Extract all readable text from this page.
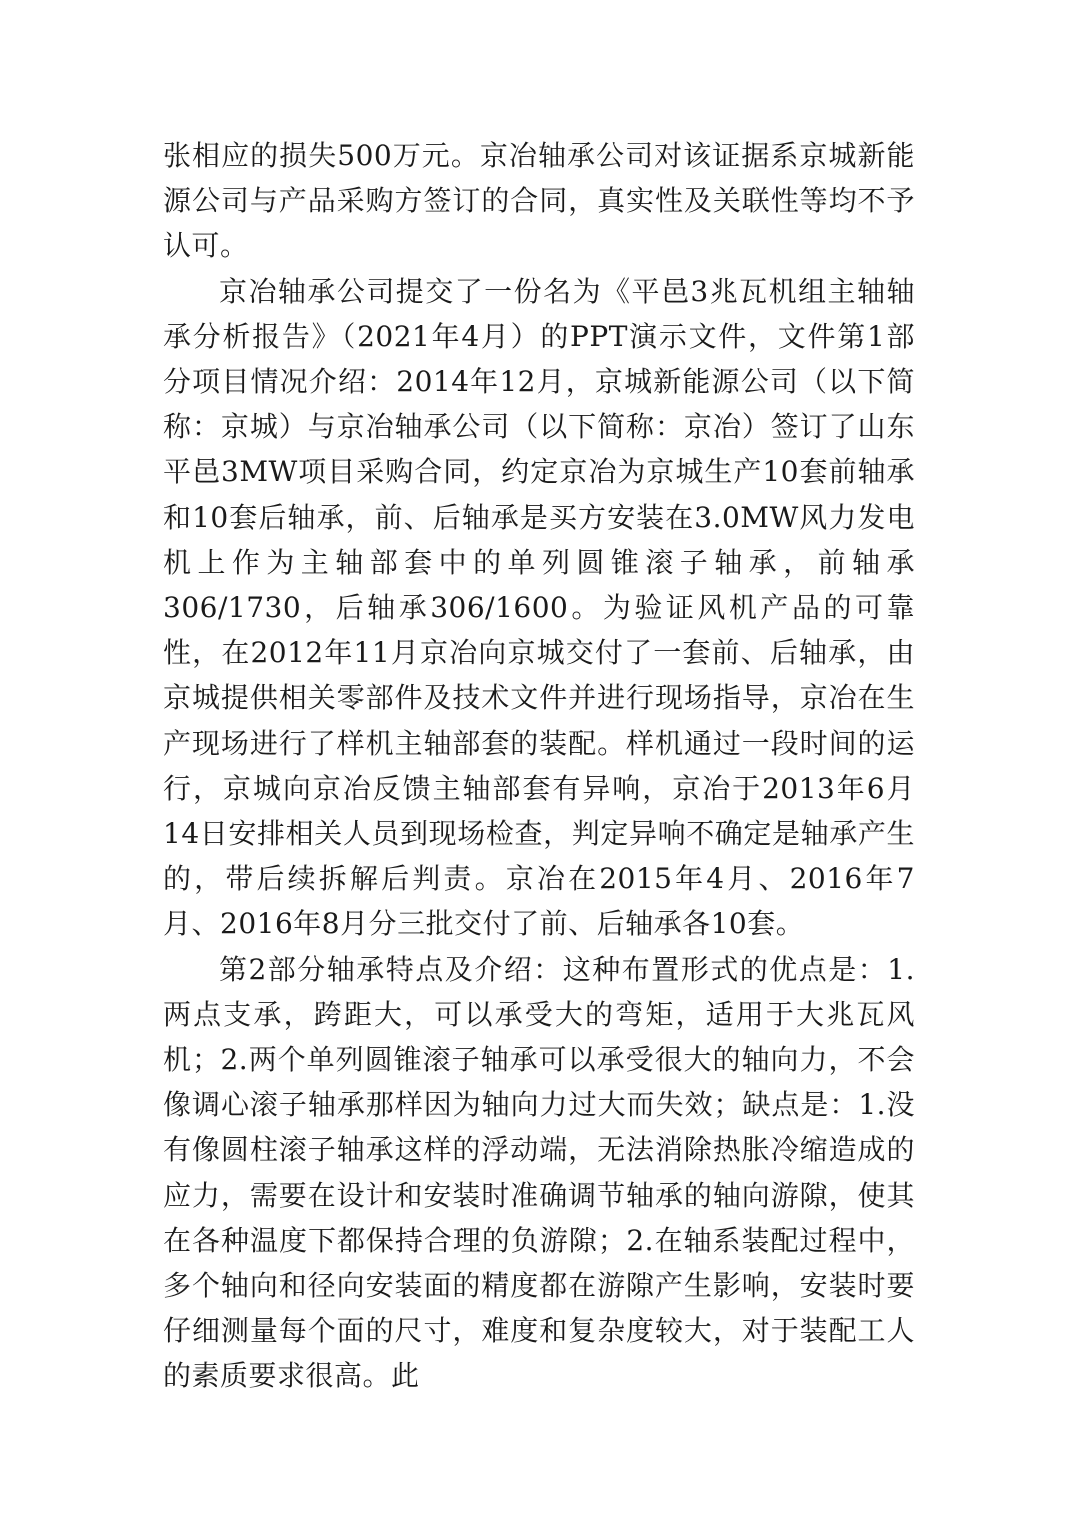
张相应的损失500万元。京冶轴承公司对该证据系京城新能源公司与产品采购方签订的合同，真实性及关联性等均不予认可。

京冶轴承公司提交了一份名为《平邑3兆瓦机组主轴轴承分析报告》（2021年4月）的PPT演示文件，文件第1部分项目情况介绍：2014年12月，京城新能源公司（以下简称：京城）与京冶轴承公司（以下简称：京冶）签订了山东平邑3MW项目采购合同，约定京冶为京城生产10套前轴承和10套后轴承，前、后轴承是买方安装在3.0MW风力发电机上作为主轴部套中的单列圆锥滚子轴承，前轴承306/1730，后轴承306/1600。为验证风机产品的可靠性，在2012年11月京冶向京城交付了一套前、后轴承，由京城提供相关零部件及技术文件并进行现场指导，京冶在生产现场进行了样机主轴部套的装配。样机通过一段时间的运行，京城向京冶反馈主轴部套有异响，京冶于2013年6月14日安排相关人员到现场检查，判定异响不确定是轴承产生的，带后续拆解后判责。京冶在2015年4月、2016年7月、2016年8月分三批交付了前、后轴承各10套。

第2部分轴承特点及介绍：这种布置形式的优点是：1.两点支承，跨距大，可以承受大的弯矩，适用于大兆瓦风机；2.两个单列圆锥滚子轴承可以承受很大的轴向力，不会像调心滚子轴承那样因为轴向力过大而失效；缺点是：1.没有像圆柱滚子轴承这样的浮动端，无法消除热胀冷缩造成的应力，需要在设计和安装时准确调节轴承的轴向游隙，使其在各种温度下都保持合理的负游隙；2.在轴系装配过程中，多个轴向和径向安装面的精度都在游隙产生影响，安装时要仔细测量每个面的尺寸，难度和复杂度较大，对于装配工人的素质要求很高。此
